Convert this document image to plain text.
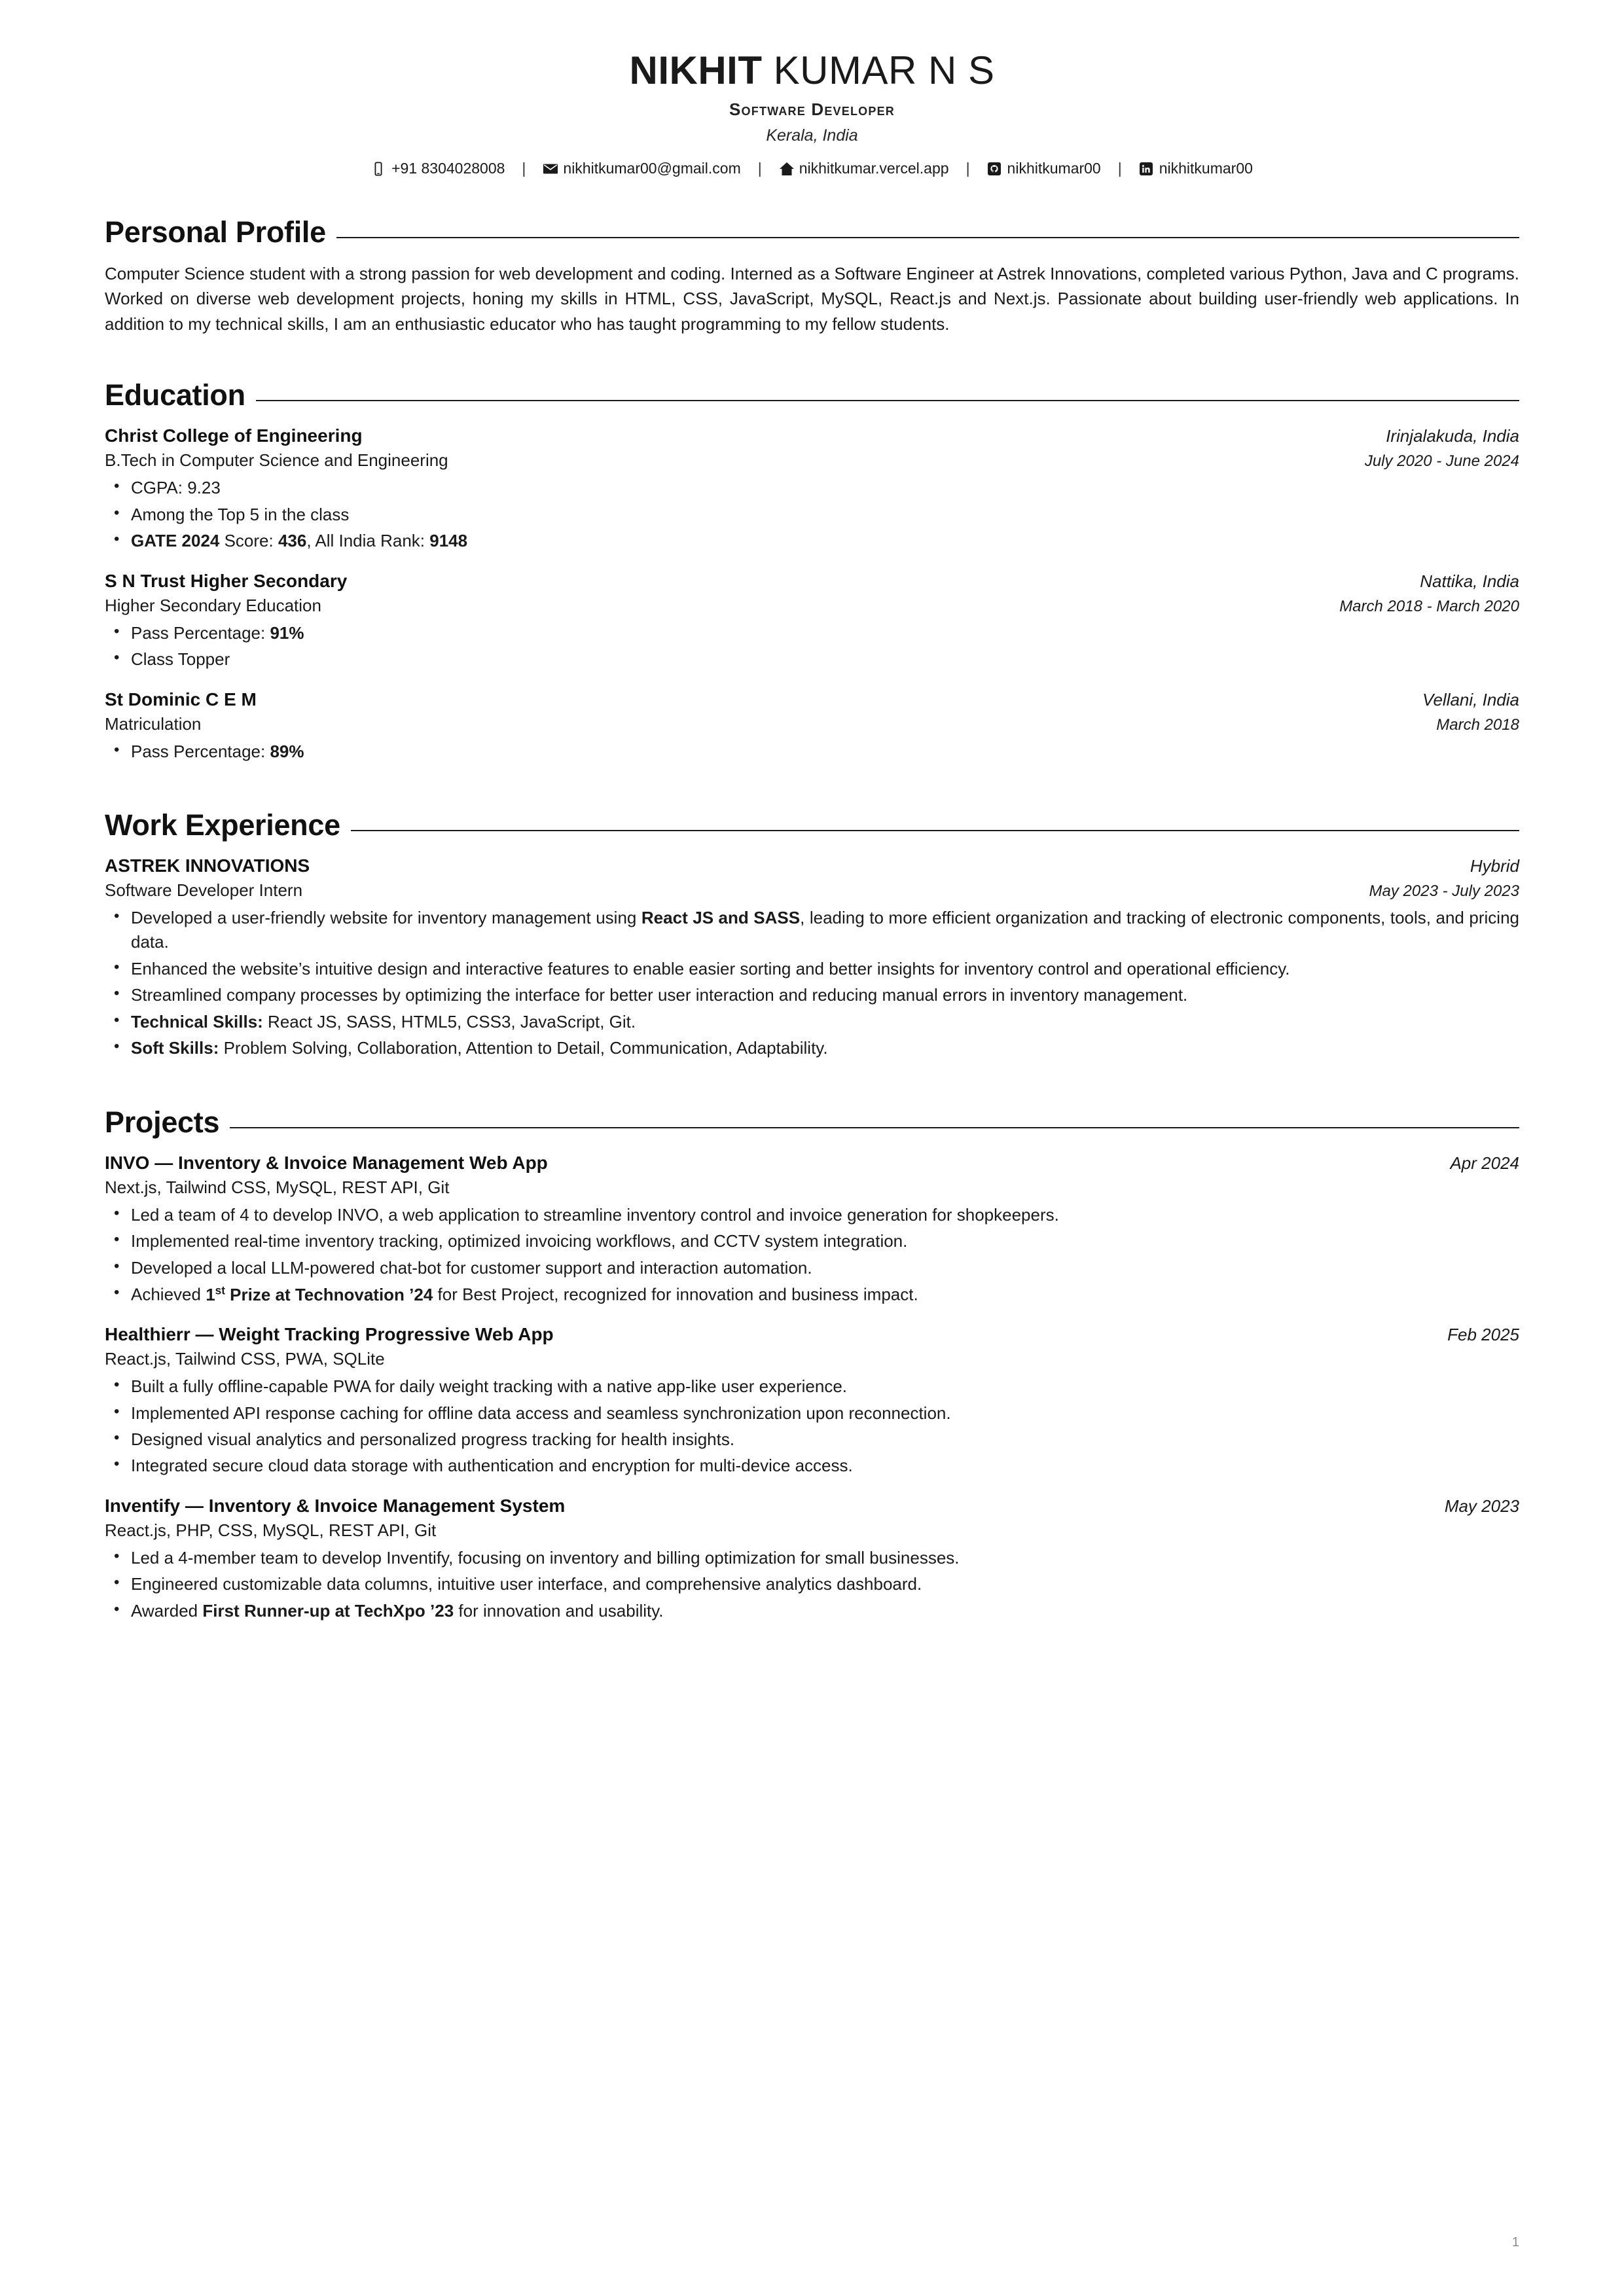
NIKHIT KUMAR N S
Software Developer
Kerala, India
+91 8304028008	|	nikhitkumar00@gmail.com	|	nikhitkumar.vercel.app	|	nikhitkumar00	|	nikhitkumar00
Personal Profile
Computer Science student with a strong passion for web development and coding. Interned as a Software Engineer at Astrek Innovations, completed various Python, Java and C programs. Worked on diverse web development projects, honing my skills in HTML, CSS, JavaScript, MySQL, React.js and Next.js. Passionate about building user-friendly web applications. In addition to my technical skills, I am an enthusiastic educator who has taught programming to my fellow students.
Education
Christ College of Engineering	Irinjalakuda, India
B.Tech in Computer Science and Engineering	July 2020 - June 2024
• CGPA: 9.23
• Among the Top 5 in the class
• GATE 2024 Score: 436, All India Rank: 9148
S N Trust Higher Secondary	Nattika, India
Higher Secondary Education	March 2018 - March 2020
• Pass Percentage: 91%
• Class Topper
St Dominic C E M	Vellani, India
Matriculation	March 2018
• Pass Percentage: 89%
Work Experience
ASTREK INNOVATIONS	Hybrid
Software Developer Intern	May 2023 - July 2023
• Developed a user-friendly website for inventory management using React JS and SASS, leading to more efficient organization and tracking of electronic components, tools, and pricing data.
• Enhanced the website’s intuitive design and interactive features to enable easier sorting and better insights for inventory control and operational efficiency.
• Streamlined company processes by optimizing the interface for better user interaction and reducing manual errors in inventory management.
• Technical Skills: React JS, SASS, HTML5, CSS3, JavaScript, Git.
• Soft Skills: Problem Solving, Collaboration, Attention to Detail, Communication, Adaptability.
Projects
INVO — Inventory & Invoice Management Web App	Apr 2024
Next.js, Tailwind CSS, MySQL, REST API, Git
• Led a team of 4 to develop INVO, a web application to streamline inventory control and invoice generation for shopkeepers.
• Implemented real-time inventory tracking, optimized invoicing workflows, and CCTV system integration.
• Developed a local LLM-powered chat-bot for customer support and interaction automation.
• Achieved 1st Prize at Technovation ’24 for Best Project, recognized for innovation and business impact.
Healthierr — Weight Tracking Progressive Web App	Feb 2025
React.js, Tailwind CSS, PWA, SQLite
• Built a fully offline-capable PWA for daily weight tracking with a native app-like user experience.
• Implemented API response caching for offline data access and seamless synchronization upon reconnection.
• Designed visual analytics and personalized progress tracking for health insights.
• Integrated secure cloud data storage with authentication and encryption for multi-device access.
Inventify — Inventory & Invoice Management System	May 2023
React.js, PHP, CSS, MySQL, REST API, Git
• Led a 4-member team to develop Inventify, focusing on inventory and billing optimization for small businesses.
• Engineered customizable data columns, intuitive user interface, and comprehensive analytics dashboard.
• Awarded First Runner-up at TechXpo ’23 for innovation and usability.
1
